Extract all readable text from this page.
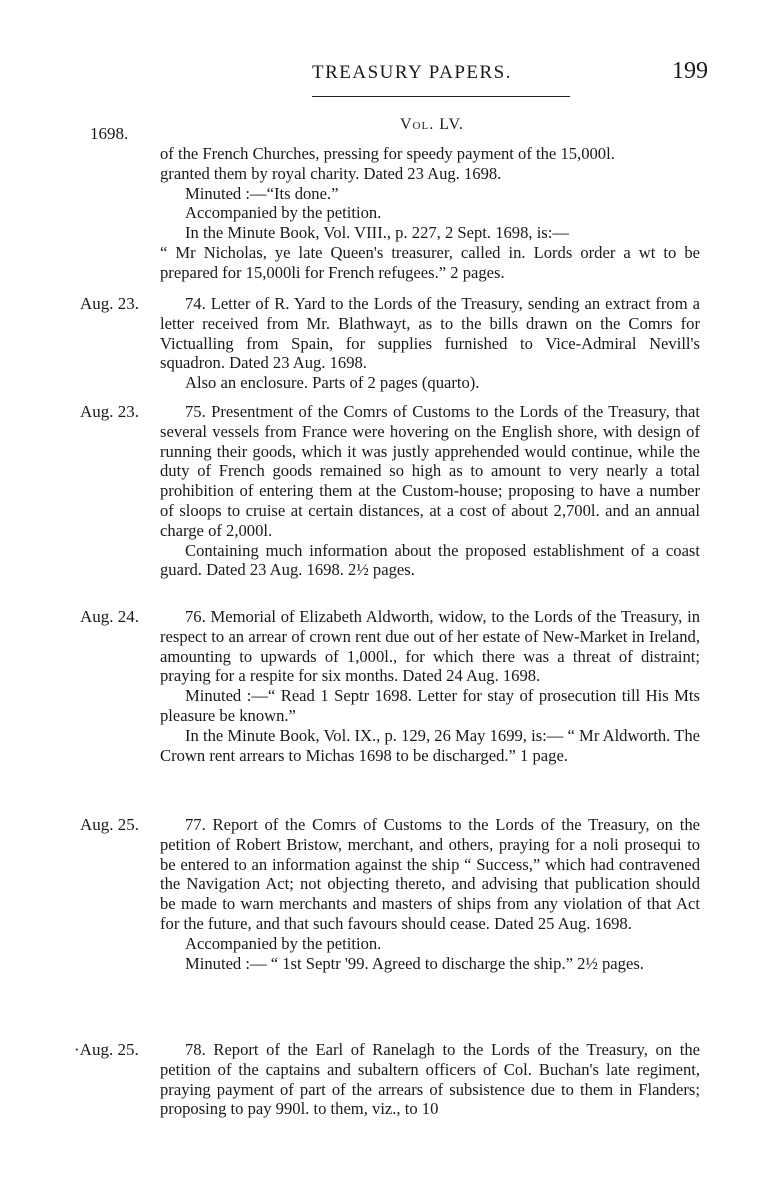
TREASURY PAPERS.	199
Vol. LV.
1698.
of the French Churches, pressing for speedy payment of the 15,000l.
granted them by royal charity. Dated 23 Aug. 1698.
Minuted :—“Its done.”
Accompanied by the petition.
In the Minute Book, Vol. VIII., p. 227, 2 Sept. 1698, is:—
“ Mr Nicholas, ye late Queen's treasurer, called in. Lords order a wt to be prepared for 15,000li for French refugees.” 2 pages.
Aug. 23.	74. Letter of R. Yard to the Lords of the Treasury, sending an extract from a letter received from Mr. Blathwayt, as to the bills drawn on the Comrs for Victualling from Spain, for supplies furnished to Vice-Admiral Nevill's squadron. Dated 23 Aug. 1698.
Also an enclosure. Parts of 2 pages (quarto).
Aug. 23.	75. Presentment of the Comrs of Customs to the Lords of the Treasury, that several vessels from France were hovering on the English shore, with design of running their goods, which it was justly apprehended would continue, while the duty of French goods remained so high as to amount to very nearly a total prohibition of entering them at the Custom-house; proposing to have a number of sloops to cruise at certain distances, at a cost of about 2,700l. and an annual charge of 2,000l.
Containing much information about the proposed establishment of a coast guard. Dated 23 Aug. 1698. 2½ pages.
Aug. 24.	76. Memorial of Elizabeth Aldworth, widow, to the Lords of the Treasury, in respect to an arrear of crown rent due out of her estate of New-Market in Ireland, amounting to upwards of 1,000l., for which there was a threat of distraint; praying for a respite for six months. Dated 24 Aug. 1698.
Minuted :—“ Read 1 Septr 1698. Letter for stay of prosecution till His Mts pleasure be known.”
In the Minute Book, Vol. IX., p. 129, 26 May 1699, is:— “ Mr Aldworth. The Crown rent arrears to Michas 1698 to be discharged.” 1 page.
Aug. 25.	77. Report of the Comrs of Customs to the Lords of the Treasury, on the petition of Robert Bristow, merchant, and others, praying for a noli prosequi to be entered to an information against the ship “ Success,” which had contravened the Navigation Act; not objecting thereto, and advising that publication should be made to warn merchants and masters of ships from any violation of that Act for the future, and that such favours should cease. Dated 25 Aug. 1698.
Accompanied by the petition.
Minuted :— “ 1st Septr '99. Agreed to discharge the ship.” 2½ pages.
·Aug. 25.	78. Report of the Earl of Ranelagh to the Lords of the Treasury, on the petition of the captains and subaltern officers of Col. Buchan's late regiment, praying payment of part of the arrears of subsistence due to them in Flanders; proposing to pay 990l. to them, viz., to 10
